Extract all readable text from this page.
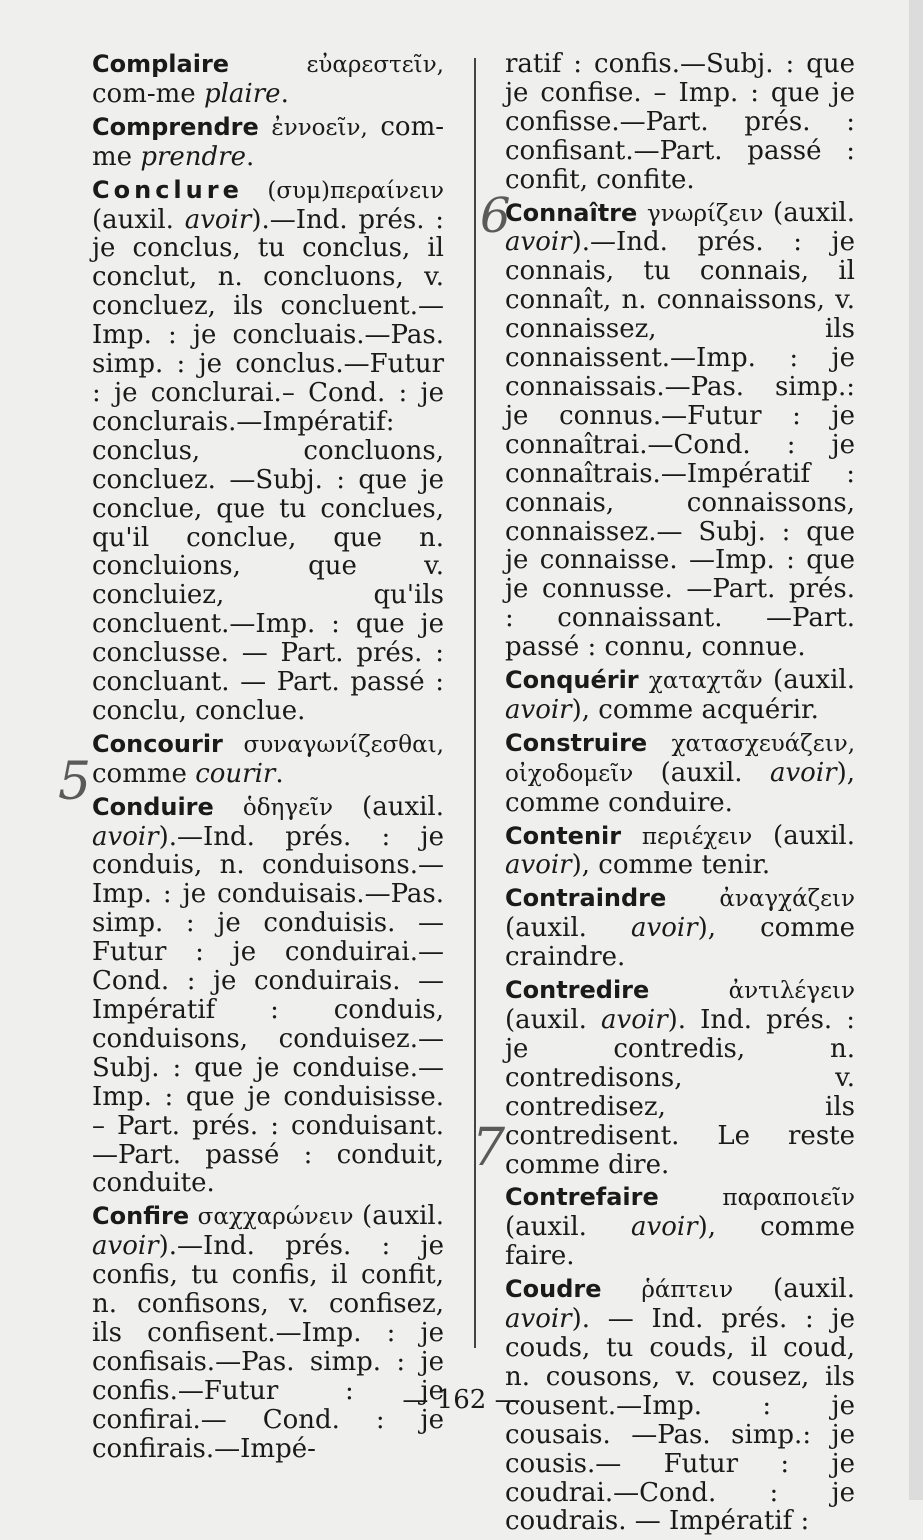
Complaire	εὐαρεστεῖν, com-me plaire.
Comprendre ἐννοεῖν, com-me prendre.
Conclure (συμ)περαίνειν (auxil. avoir).—Ind. prés. : je conclus, tu conclus, il conclut, n. concluons, v. concluez, ils concluent.— Imp. : je concluais.—Pas. simp. : je conclus.—Futur : je conclurai.– Cond. : je conclurais.—Impératif: conclus, concluons, concluez. —Subj. : que je conclue, que tu conclues, qu'il conclue, que n. concluions, que v. concluiez, qu'ils concluent.—Imp. : que je conclusse. — Part. prés. : concluant. — Part. passé : conclu, conclue.
Concourir συναγωνίζεσθαι, comme courir.
Conduire ὁδηγεῖν (auxil. avoir).—Ind. prés. : je conduis, n. conduisons.—Imp. : je conduisais.—Pas. simp. : je conduisis. — Futur : je conduirai.—Cond. : je conduirais. — Impératif : conduis, conduisons, conduisez.—Subj. : que je conduise.—Imp. : que je conduisisse. – Part. prés. : conduisant.—Part. passé : conduit, conduite.
Confire σαχχαρώνειν (auxil. avoir).—Ind. prés. : je confis, tu confis, il confit, n. confisons, v. confisez, ils confisent.—Imp. : je confisais.—Pas. simp. : je confis.—Futur : je confirai.— Cond. : je confirais.—Impé-
ratif : confis.—Subj. : que je confise. – Imp. : que je confisse.—Part. prés. : confisant.—Part. passé : confit, confite.
Connaître γνωρίζειν (auxil. avoir).—Ind. prés. : je connais, tu connais, il connaît, n. connaissons, v. connaissez, ils connaissent.—Imp. : je connaissais.—Pas. simp.: je connus.—Futur : je connaîtrai.—Cond. : je connaîtrais.—Impératif : connais, connaissons, connaissez.— Subj. : que je connaisse. —Imp. : que je connusse. —Part. prés. : connaissant. —Part. passé : connu, connue.
Conquérir χαταχτᾶν (auxil. avoir), comme acquérir.
Construire χατασχευάζειν, οἰχοδομεῖν (auxil. avoir), comme conduire.
Contenir περιέχειν (auxil. avoir), comme tenir.
Contraindre ἀναγχάζειν (auxil. avoir), comme craindre.
Contredire	ἀντιλέγειν (auxil. avoir). Ind. prés. : je contredis, n. contredisons, v. contredisez, ils contredisent. Le reste comme dire.
Contrefaire	παραποιεῖν (auxil. avoir), comme faire.
Coudre ῥάπτειν (auxil. avoir). — Ind. prés. : je couds, tu couds, il coud, n. cousons, v. cousez, ils cousent.—Imp. : je cousais. —Pas. simp.: je cousis.— Futur : je coudrai.—Cond. : je coudrais. — Impératif :
5
6
7
— 162 —
